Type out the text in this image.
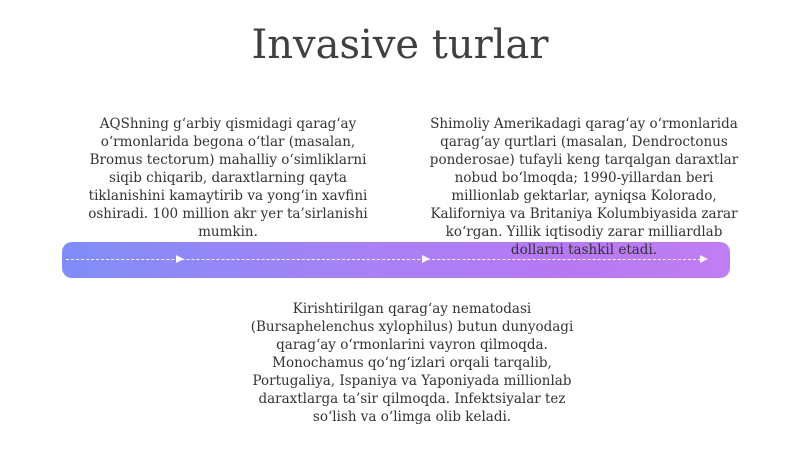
Invasive turlar
AQShning g‘arbiy qismidagi qarag‘ay o‘rmonlarida begona o‘tlar (masalan, Bromus tectorum) mahalliy o‘simliklarni siqib chiqarib, daraxtlarning qayta tiklanishini kamaytirib va yong‘in xavfini oshiradi. 100 million akr yer ta’sirlanishi mumkin.
Shimoliy Amerikadagi qarag‘ay o‘rmonlarida qarag‘ay qurtlari (masalan, Dendroctonus ponderosae) tufayli keng tarqalgan daraxtlar nobud bo‘lmoqda; 1990-yillardan beri millionlab gektarlar, ayniqsa Kolorado, Kaliforniya va Britaniya Kolumbiyasida zarar ko‘rgan. Yillik iqtisodiy zarar milliardlab dollarni tashkil etadi.
Kirishtirilgan qarag‘ay nematodasi (Bursaphelenchus xylophilus) butun dunyodagi qarag‘ay o‘rmonlarini vayron qilmoqda. Monochamus qo‘ng‘izlari orqali tarqalib, Portugaliya, Ispaniya va Yaponiyada millionlab daraxtlarga ta’sir qilmoqda. Infektsiyalar tez so‘lish va o‘limga olib keladi.
